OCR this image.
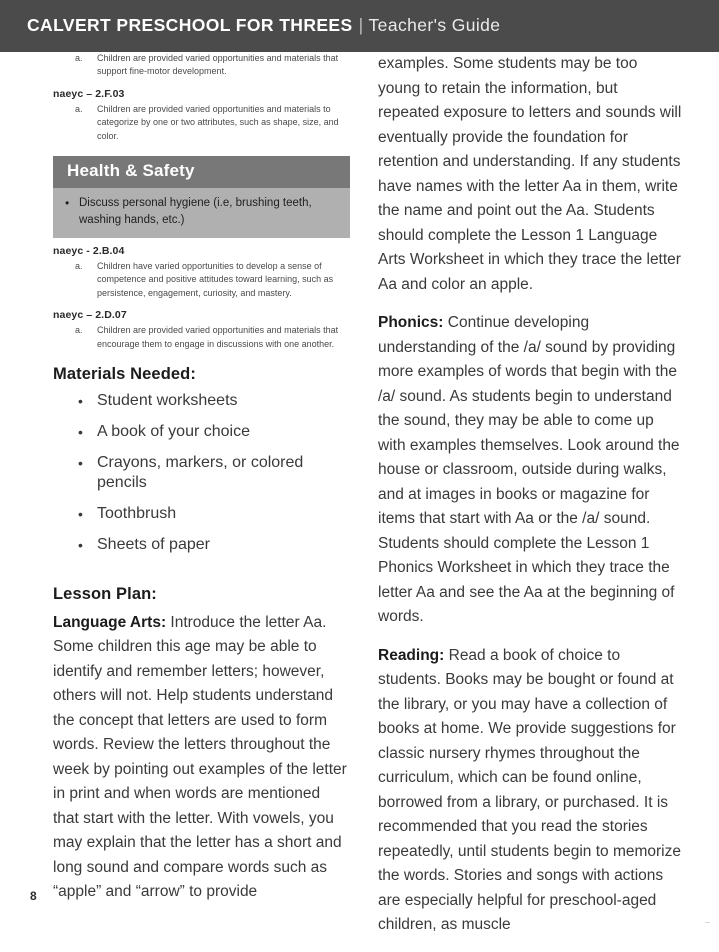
CALVERT PRESCHOOL FOR THREES | Teacher's Guide
a.	Children are provided varied opportunities and materials that support fine-motor development.
naeyc – 2.F.03
a.	Children are provided varied opportunities and materials to categorize by one or two attributes, such as shape, size, and color.
Health & Safety
• Discuss personal hygiene (i.e, brushing teeth, washing hands, etc.)
naeyc - 2.B.04
a.	Children have varied opportunities to develop a sense of competence and positive attitudes toward learning, such as persistence, engagement, curiosity, and mastery.
naeyc – 2.D.07
a.	Children are provided varied opportunities and materials that encourage them to engage in discussions with one another.
Materials Needed:
• Student worksheets
• A book of your choice
• Crayons, markers, or colored pencils
• Toothbrush
• Sheets of paper
Lesson Plan:

Language Arts: Introduce the letter Aa. Some children this age may be able to identify and remember letters; however, others will not. Help students understand the concept that letters are used to form words. Review the letters throughout the week by pointing out examples of the letter in print and when words are mentioned that start with the letter. With vowels, you may explain that the letter has a short and long sound and compare words such as “apple” and “arrow” to provide

examples. Some students may be too young to retain the information, but repeated exposure to letters and sounds will eventually provide the foundation for retention and understanding. If any students have names with the letter Aa in them, write the name and point out the Aa. Students should complete the Lesson 1 Language Arts Worksheet in which they trace the letter Aa and color an apple.

Phonics: Continue developing understanding of the /a/ sound by providing more examples of words that begin with the /a/ sound. As students begin to understand the sound, they may be able to come up with examples themselves. Look around the house or classroom, outside during walks, and at images in books or magazine for items that start with Aa or the /a/ sound. Students should complete the Lesson 1 Phonics Worksheet in which they trace the letter Aa and see the Aa at the beginning of words.

Reading: Read a book of choice to students. Books may be bought or found at the library, or you may have a collection of books at home. We provide suggestions for classic nursery rhymes throughout the curriculum, which can be found online, borrowed from a library, or purchased. It is recommended that you read the stories repeatedly, until students begin to memorize the words. Stories and songs with actions are especially helpful for preschool-aged children, as muscle

8
